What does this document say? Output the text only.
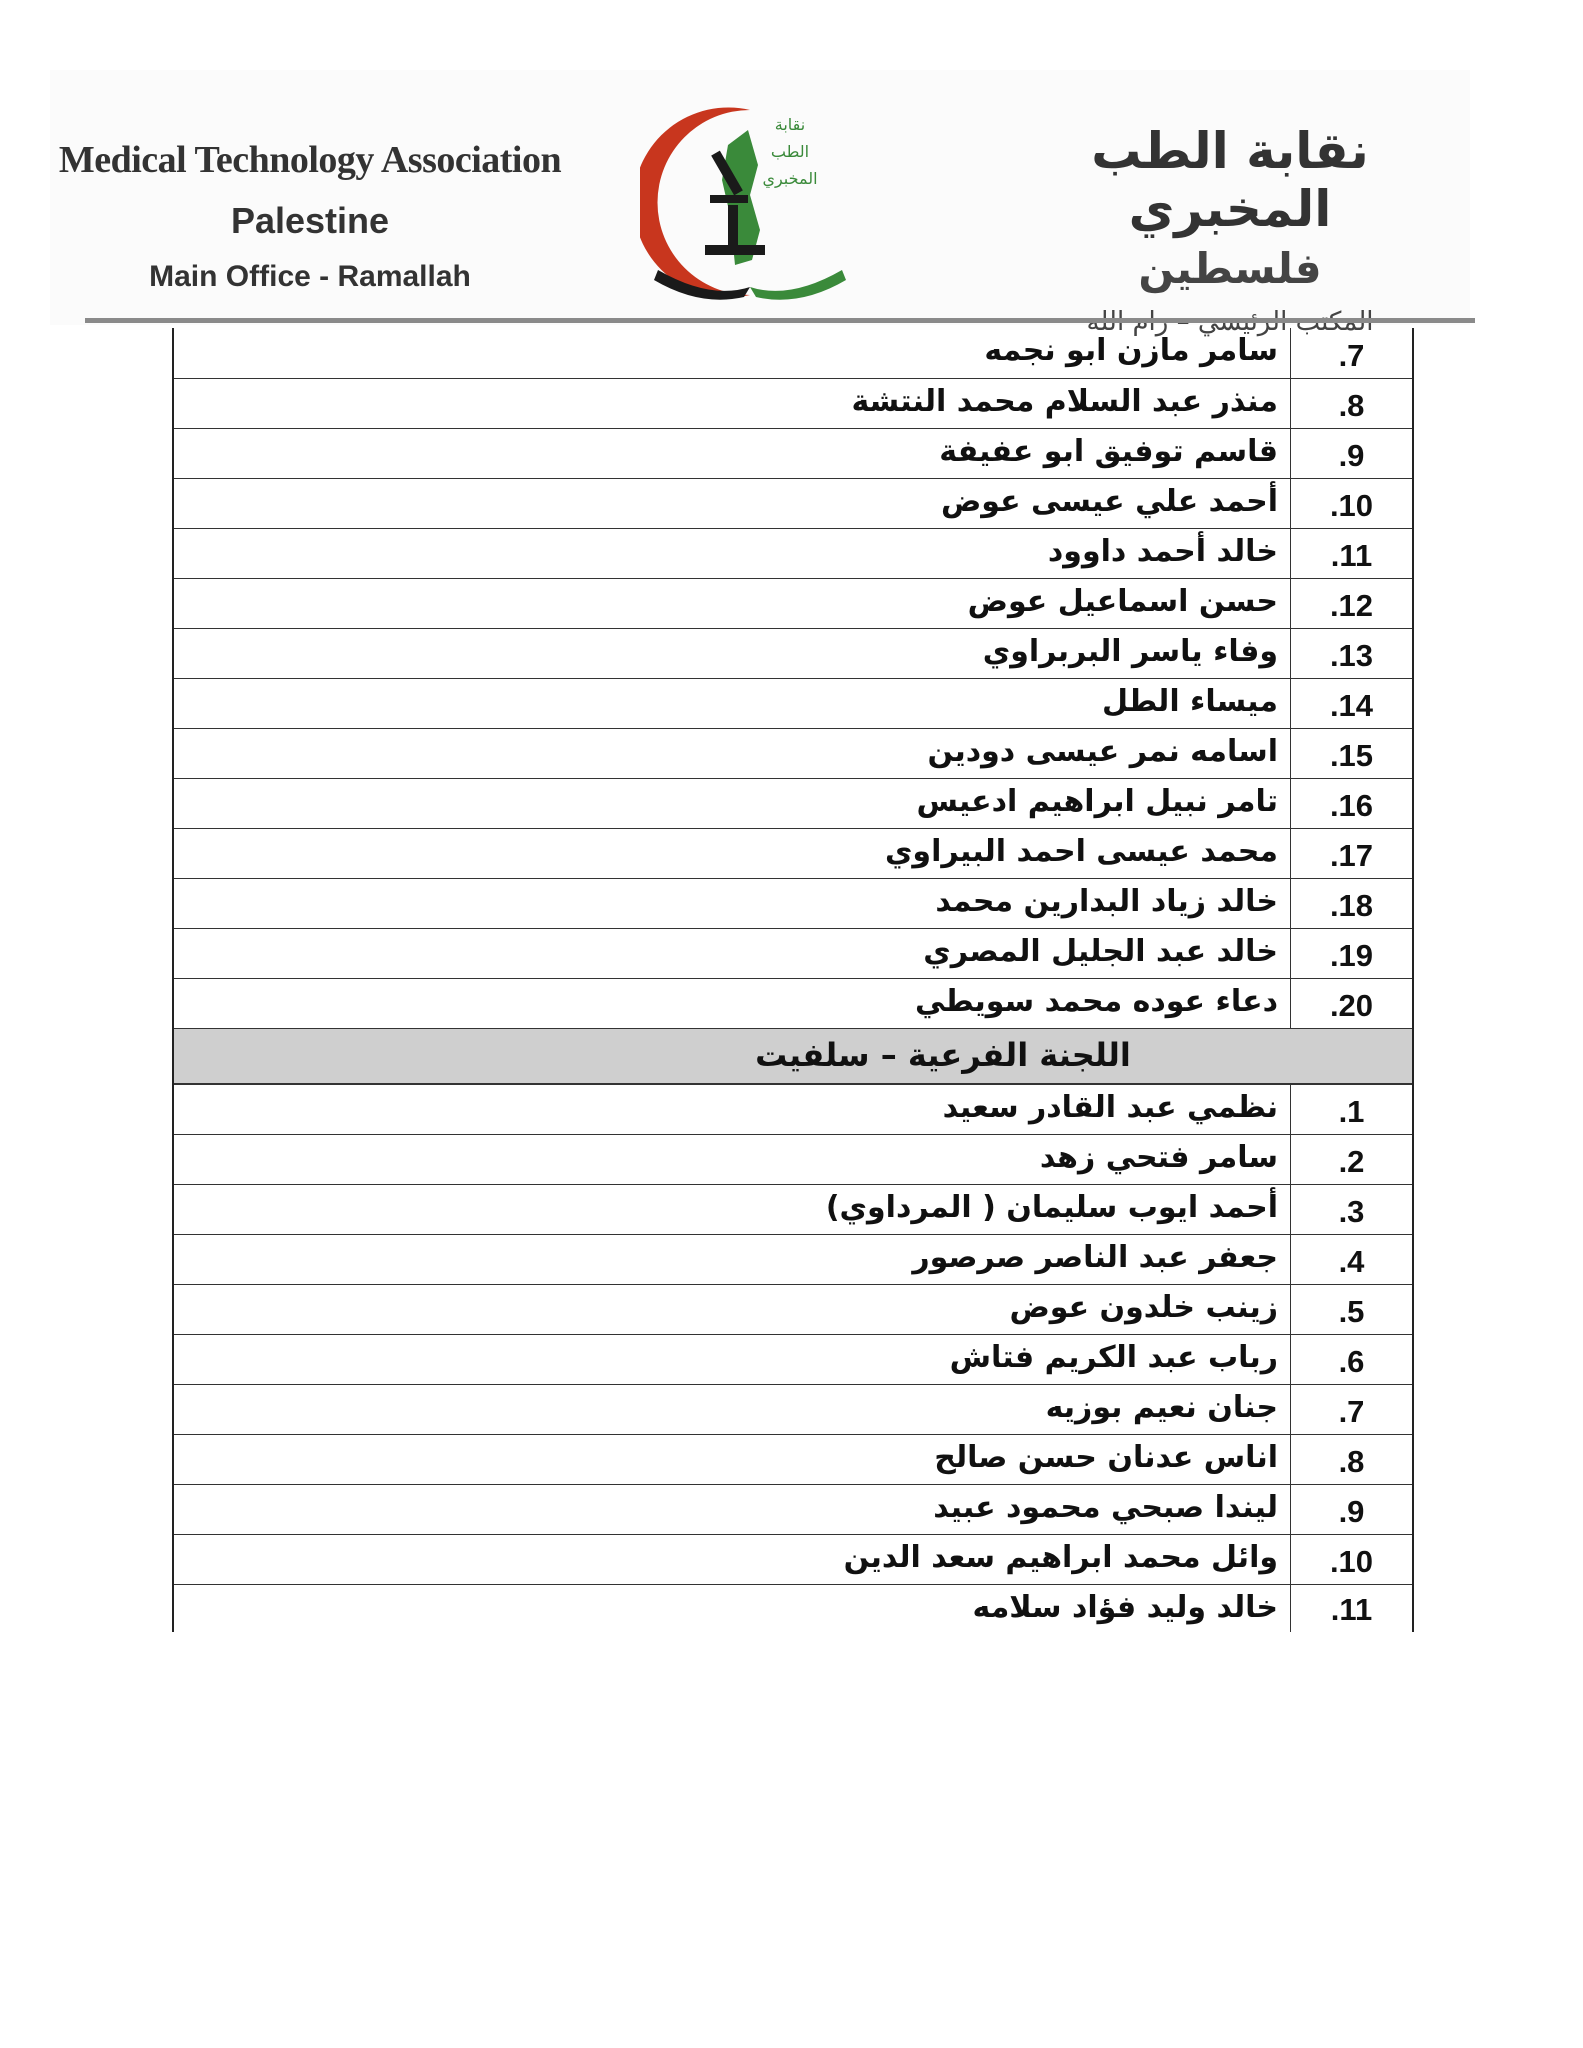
Medical Technology Association
Palestine
Main Office - Ramallah
نقابة
الطب
المخبري	نقابة الطب المخبري
فلسطين
.7
سامر مازن ابو نجمه
.8
منذر عبد السلام محمد النتشة
.9
قاسم توفيق ابو عفيفة
.10
أحمد علي عيسى عوض
.11
خالد أحمد داوود
.12
حسن اسماعيل عوض
.13
وفاء ياسر البربراوي
.14
ميساء الطل
.15
اسامه نمر عيسى دودين
.16
تامر نبيل ابراهيم ادعيس
.17
محمد عيسى احمد البيراوي
.18
خالد زياد البدارين محمد
.19
خالد عبد الجليل المصري
.20
دعاء عوده محمد سويطي
اللجنة الفرعية – سلفيت
.1
نظمي عبد القادر سعيد
.2
سامر فتحي زهد
.3
أحمد ايوب سليمان ( المرداوي)
.4
جعفر عبد الناصر صرصور
.5
زينب خلدون عوض
.6
رباب عبد الكريم فتاش
.7
جنان نعيم بوزيه
.8
اناس عدنان حسن صالح
.9
ليندا صبحي محمود عبيد
.10
وائل محمد ابراهيم سعد الدين
.11
خالد وليد فؤاد سلامه
